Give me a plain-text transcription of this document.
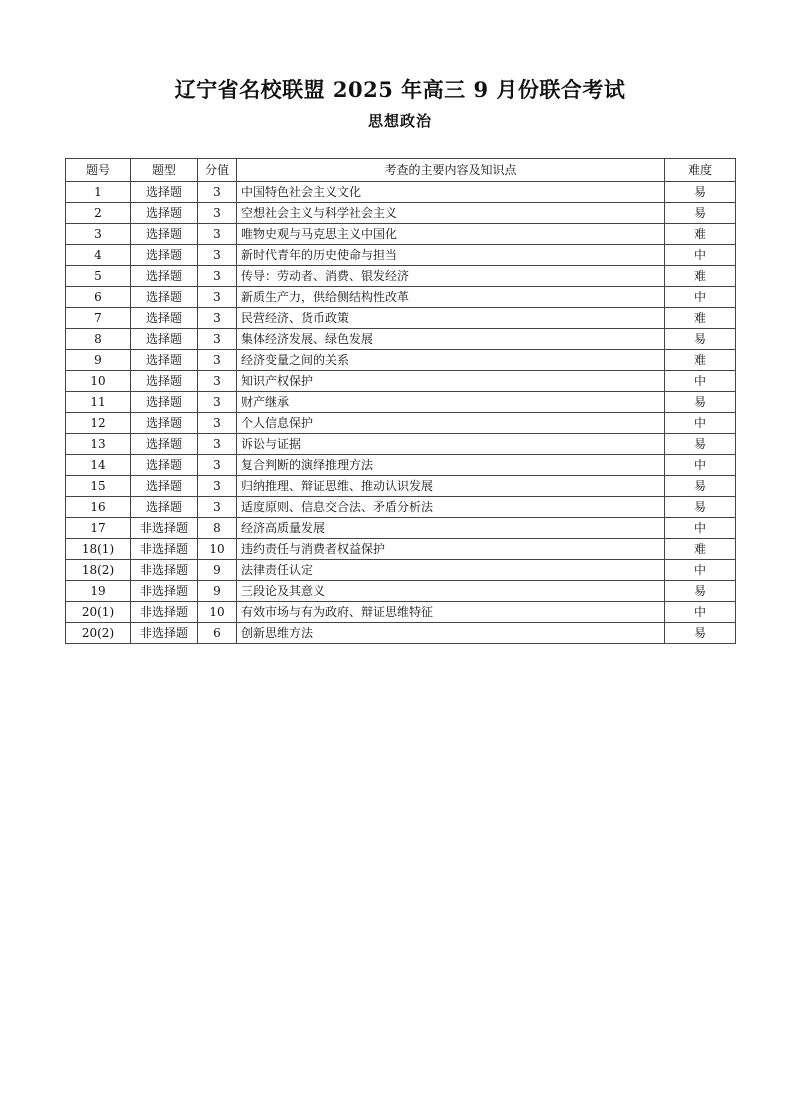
辽宁省名校联盟 2025 年高三 9 月份联合考试
思想政治
题号	题型	分值	考查的主要内容及知识点	难度
1	选择题	3	中国特色社会主义文化	易
2	选择题	3	空想社会主义与科学社会主义	易
3	选择题	3	唯物史观与马克思主义中国化	难
4	选择题	3	新时代青年的历史使命与担当	中
5	选择题	3	传导：劳动者、消费、银发经济	难
6	选择题	3	新质生产力，供给侧结构性改革	中
7	选择题	3	民营经济、货币政策	难
8	选择题	3	集体经济发展、绿色发展	易
9	选择题	3	经济变量之间的关系	难
10	选择题	3	知识产权保护	中
11	选择题	3	财产继承	易
12	选择题	3	个人信息保护	中
13	选择题	3	诉讼与证据	易
14	选择题	3	复合判断的演绎推理方法	中
15	选择题	3	归纳推理、辩证思维、推动认识发展	易
16	选择题	3	适度原则、信息交合法、矛盾分析法	易
17	非选择题	8	经济高质量发展	中
18(1)	非选择题	10	违约责任与消费者权益保护	难
18(2)	非选择题	9	法律责任认定	中
19	非选择题	9	三段论及其意义	易
20(1)	非选择题	10	有效市场与有为政府、辩证思维特征	中
20(2)	非选择题	6	创新思维方法	易
